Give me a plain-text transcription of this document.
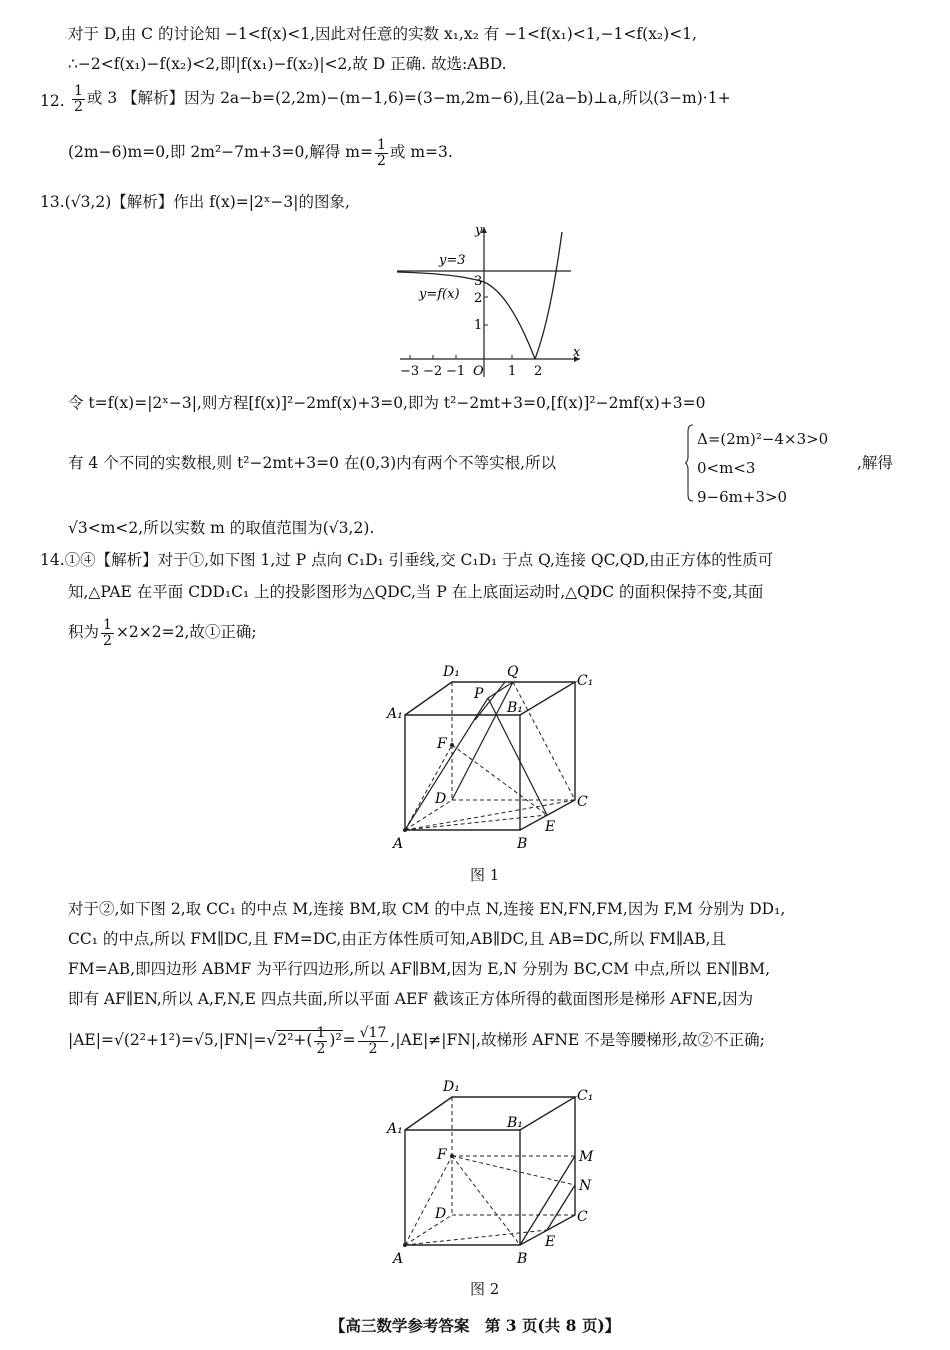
对于 D,由 C 的讨论知 −1<f(x)<1,因此对任意的实数 x₁,x₂ 有 −1<f(x₁)<1,−1<f(x₂)<1,
∴−2<f(x₁)−f(x₂)<2,即|f(x₁)−f(x₂)|<2,故 D 正确. 故选:ABD.
12. $\frac{1}{2}$ 或 3 【解析】因为 2a−b=(2,2m)−(m−1,6)=(3−m,2m−6),且(2a−b)⊥a,所以(3−m)·1+
(2m−6)m=0,即 2m²−7m+3=0,解得 $m= \frac{1}{2}$ 或 m=3.
13.(√3,2)【解析】作出 f(x)=|2ˣ−3|的图象,
y=3
y=f(x)
y
x
O
−3 −2 −1	1 2
1
2
3
令 t=f(x)=|2ˣ−3|,则方程[f(x)]²−2mf(x)+3=0,即为 t²−2mt+3=0,[f(x)]²−2mf(x)+3=0
有 4 个不同的实数根,则 t²−2mt+3=0 在(0,3)内有两个不等实根,所以
Δ=(2m)²−4×3>0
0<m<3
9−6m+3>0
,解得
√3<m<2,所以实数 m 的取值范围为(√3,2).
14.①④【解析】对于①,如下图 1,过 P 点向 C₁D₁ 引垂线,交 C₁D₁ 于点 Q,连接 QC,QD,由正方体的性质可
知,△PAE 在平面 CDD₁C₁ 上的投影图形为△QDC,当 P 在上底面运动时,△QDC 的面积保持不变,其面
积为 $\frac{1}{2} \times 2\times 2=2$,故①正确;
D₁	Q
C₁
P
B₁
A₁
F
D	C
E
A	B
图 1
对于②,如下图 2,取 CC₁ 的中点 M,连接 BM,取 CM 的中点 N,连接 EN,FN,FM,因为 F,M 分别为 DD₁,
CC₁ 的中点,所以 FM∥DC,且 FM=DC,由正方体性质可知,AB∥DC,且 AB=DC,所以 FM∥AB,且
FM=AB,即四边形 ABMF 为平行四边形,所以 AF∥BM,因为 E,N 分别为 BC,CM 中点,所以 EN∥BM,
即有 AF∥EN,所以 A,F,N,E 四点共面,所以平面 AEF 截该正方体所得的截面图形是梯形 AFNE,因为
$|AE|=√(2^2+1^2)=√5,|FN|=√2^2+( \frac{1}{2} )^2= \frac{√17}{2} ,|AE|\ne|FN|$,故梯形 AFNE 不是等腰梯形,故②不正确;
D₁
C₁
B₁
A₁
F	M
N
D	C
E
A	B
图 2
【高三数学参考答案　第 3 页(共 8 页)】
